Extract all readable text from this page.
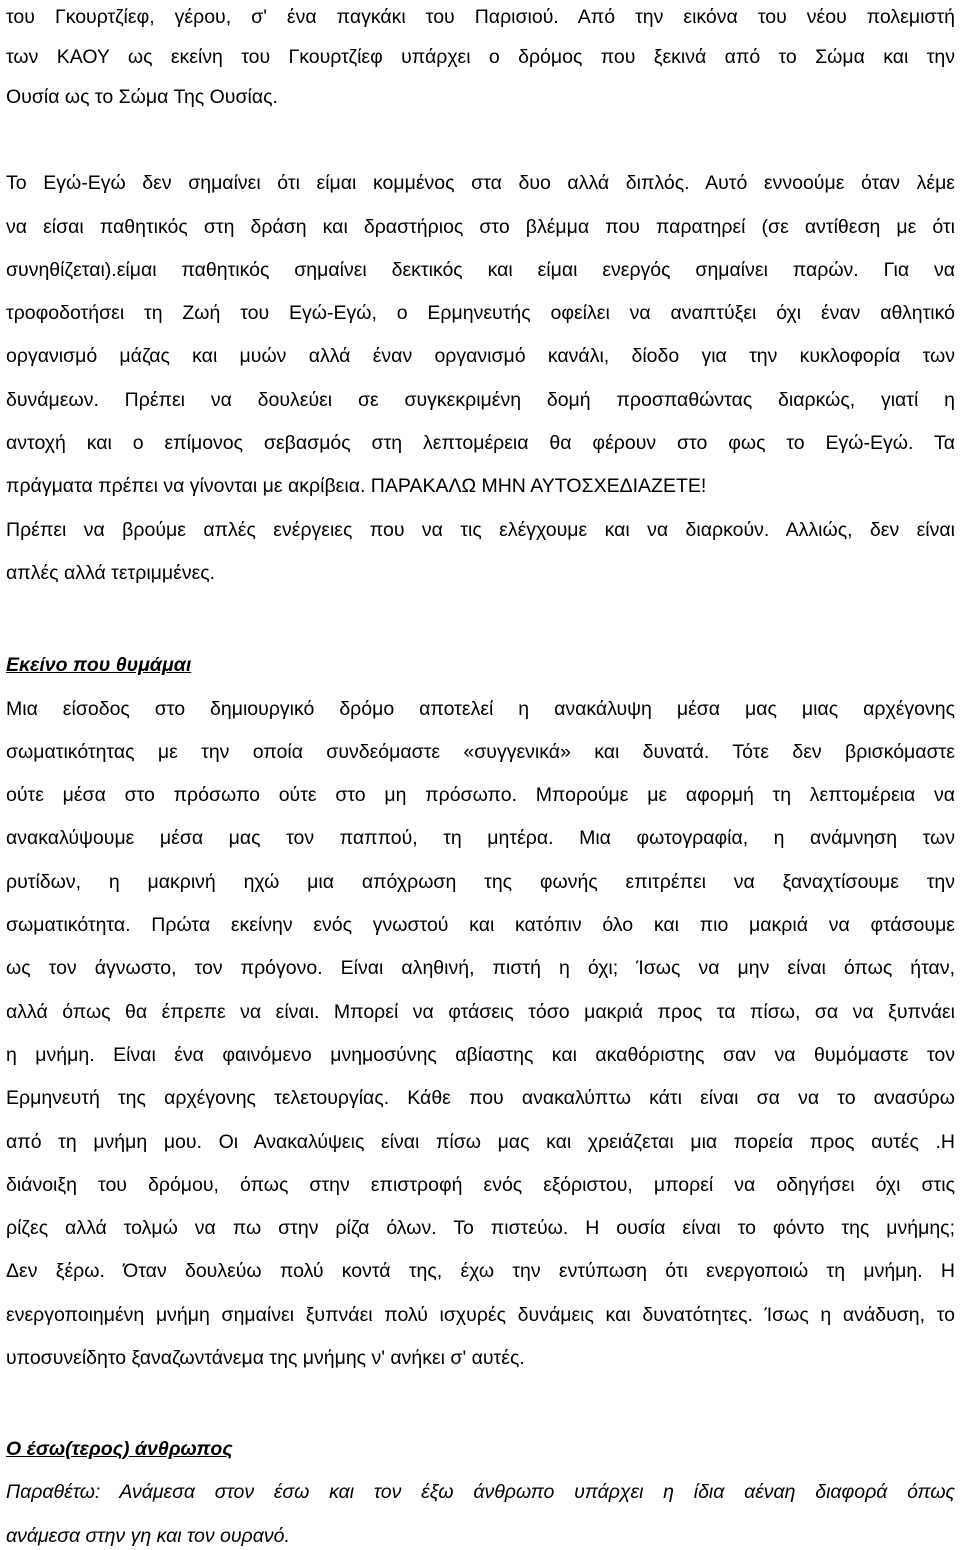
του Γκουρτζίεφ, γέρου, σ' ένα παγκάκι του Παρισιού. Από την εικόνα του νέου πολεμιστή
των ΚΑΟΥ ως εκείνη του Γκουρτζίεφ υπάρχει ο δρόμος που ξεκινά από το Σώμα και την
Ουσία ως το Σώμα Της Ουσίας.
Το Εγώ-Εγώ δεν σημαίνει ότι είμαι κομμένος στα δυο αλλά διπλός. Αυτό εννοούμε όταν λέμε
να είσαι παθητικός στη δράση και δραστήριος στο βλέμμα που παρατηρεί (σε αντίθεση με ότι
συνηθίζεται).είμαι παθητικός σημαίνει δεκτικός και είμαι ενεργός σημαίνει παρών. Για να
τροφοδοτήσει τη Ζωή του Εγώ-Εγώ, ο Ερμηνευτής οφείλει να αναπτύξει όχι έναν αθλητικό
οργανισμό μάζας και μυών αλλά έναν οργανισμό κανάλι, δίοδο για την κυκλοφορία των
δυνάμεων. Πρέπει να δουλεύει σε συγκεκριμένη δομή προσπαθώντας διαρκώς, γιατί η
αντοχή και ο επίμονος σεβασμός στη λεπτομέρεια θα φέρουν στο φως το Εγώ-Εγώ. Τα
πράγματα πρέπει να γίνονται με ακρίβεια. ΠΑΡΑΚΑΛΩ ΜΗΝ ΑΥΤΟΣΧΕΔΙΑΖΕΤΕ!
Πρέπει να βρούμε απλές ενέργειες που να τις ελέγχουμε και να διαρκούν. Αλλιώς, δεν είναι
απλές αλλά τετριμμένες.
Εκείνο που θυμάμαι
Μια είσοδος στο δημιουργικό δρόμο αποτελεί η ανακάλυψη μέσα μας μιας αρχέγονης
σωματικότητας με την οποία συνδεόμαστε «συγγενικά» και δυνατά. Τότε δεν βρισκόμαστε
ούτε μέσα στο πρόσωπο ούτε στο μη πρόσωπο. Μπορούμε με αφορμή τη λεπτομέρεια να
ανακαλύψουμε μέσα μας τον παππού, τη μητέρα. Μια φωτογραφία, η ανάμνηση των
ρυτίδων, η μακρινή ηχώ μια απόχρωση της φωνής επιτρέπει να ξαναχτίσουμε την
σωματικότητα. Πρώτα εκείνην ενός γνωστού και κατόπιν όλο και πιο μακριά να φτάσουμε
ως τον άγνωστο, τον πρόγονο. Είναι αληθινή, πιστή η όχι; Ίσως να μην είναι όπως ήταν,
αλλά όπως θα έπρεπε να είναι. Μπορεί να φτάσεις τόσο μακριά προς τα πίσω, σα να ξυπνάει
η μνήμη. Είναι ένα φαινόμενο μνημοσύνης αβίαστης και ακαθόριστης σαν να θυμόμαστε τον
Ερμηνευτή της αρχέγονης τελετουργίας. Κάθε που ανακαλύπτω κάτι είναι σα να το ανασύρω
από τη μνήμη μου. Οι Ανακαλύψεις είναι πίσω μας και χρειάζεται μια πορεία προς αυτές .Η
διάνοιξη του δρόμου, όπως στην επιστροφή ενός εξόριστου, μπορεί να οδηγήσει όχι στις
ρίζες αλλά τολμώ να πω στην ρίζα όλων. Το πιστεύω. Η ουσία είναι το φόντο της μνήμης;
Δεν ξέρω. Όταν δουλεύω πολύ κοντά της, έχω την εντύπωση ότι ενεργοποιώ τη μνήμη. Η
ενεργοποιημένη μνήμη σημαίνει ξυπνάει πολύ ισχυρές δυνάμεις και δυνατότητες. Ίσως η ανάδυση, το
υποσυνείδητο ξαναζωντάνεμα της μνήμης ν' ανήκει σ' αυτές.
Ο έσω(τερος) άνθρωπος
Παραθέτω: Ανάμεσα στον έσω και τον έξω άνθρωπο υπάρχει η ίδια αέναη διαφορά όπως
ανάμεσα στην γη και τον ουρανό.
